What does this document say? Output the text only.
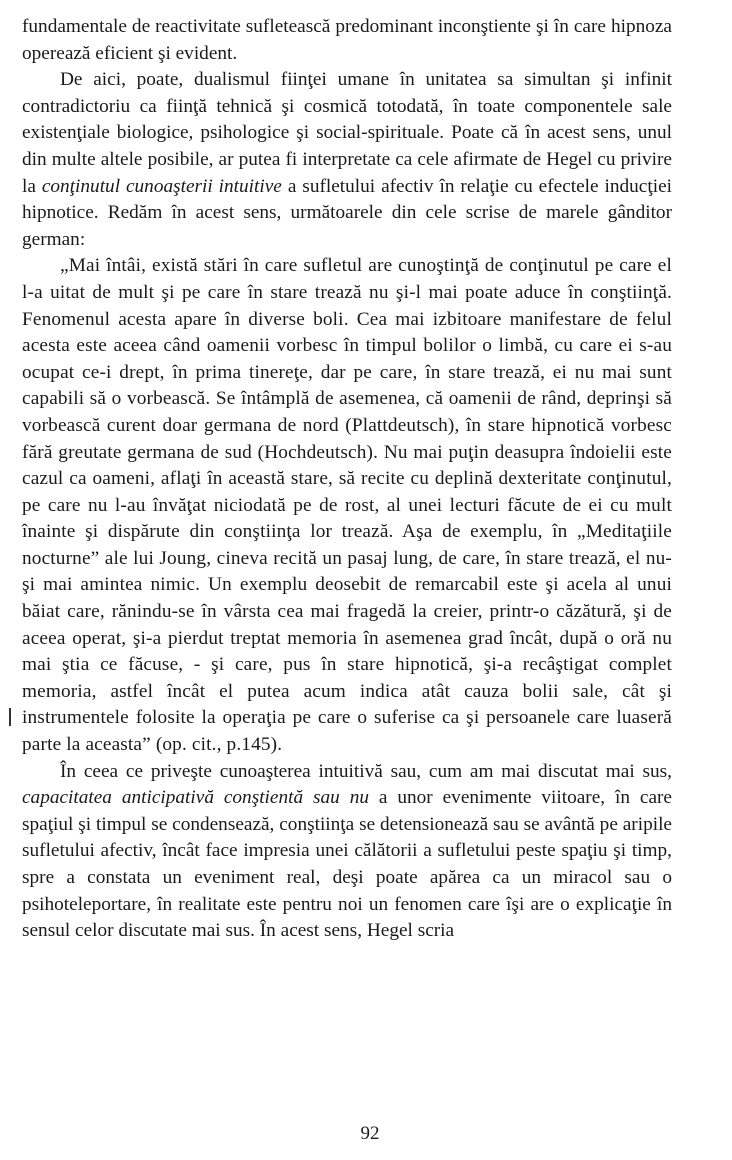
fundamentale de reactivitate sufletească predominant inconştiente şi în care hipnoza operează eficient şi evident.

De aici, poate, dualismul fiinţei umane în unitatea sa simultan şi infinit contradictoriu ca fiinţă tehnică şi cosmică totodată, în toate componentele sale existenţiale biologice, psihologice şi social-spirituale. Poate că în acest sens, unul din multe altele posibile, ar putea fi interpretate ca cele afirmate de Hegel cu privire la conţinutul cunoaşterii intuitive a sufletului afectiv în relaţie cu efectele inducţiei hipnotice. Redăm în acest sens, următoarele din cele scrise de marele gânditor german:

„Mai întâi, există stări în care sufletul are cunoştinţă de conţinutul pe care el l-a uitat de mult şi pe care în stare trează nu şi-l mai poate aduce în conştiinţă. Fenomenul acesta apare în diverse boli. Cea mai izbitoare manifestare de felul acesta este aceea când oamenii vorbesc în timpul bolilor o limbă, cu care ei s-au ocupat ce-i drept, în prima tinereţe, dar pe care, în stare trează, ei nu mai sunt capabili să o vorbească. Se întâmplă de asemenea, că oamenii de rând, deprinşi să vorbească curent doar germana de nord (Plattdeutsch), în stare hipnotică vorbesc fără greutate germana de sud (Hochdeutsch). Nu mai puţin deasupra îndoielii este cazul ca oameni, aflaţi în această stare, să recite cu deplină dexteritate conţinutul, pe care nu l-au învăţat niciodată pe de rost, al unei lecturi făcute de ei cu mult înainte şi dispărute din conştiinţa lor trează. Aşa de exemplu, în „Meditaţiile nocturne” ale lui Joung, cineva recită un pasaj lung, de care, în stare trează, el nu-şi mai amintea nimic. Un exemplu deosebit de remarcabil este şi acela al unui băiat care, rănindu-se în vârsta cea mai fragedă la creier, printr-o căzătură, şi de aceea operat, şi-a pierdut treptat memoria în asemenea grad încât, după o oră nu mai ştia ce făcuse, - şi care, pus în stare hipnotică, şi-a recâştigat complet memoria, astfel încât el putea acum indica atât cauza bolii sale, cât şi instrumentele folosite la operaţia pe care o suferise ca şi persoanele care luaseră parte la aceasta” (op. cit., p.145).

În ceea ce priveşte cunoaşterea intuitivă sau, cum am mai discutat mai sus, capacitatea anticipativă conştientă sau nu a unor evenimente viitoare, în care spaţiul şi timpul se condensează, conştiinţa se detensionează sau se avântă pe aripile sufletului afectiv, încât face impresia unei călătorii a sufletului peste spaţiu şi timp, spre a constata un eveniment real, deşi poate apărea ca un miracol sau o psihoteleportare, în realitate este pentru noi un fenomen care îşi are o explicaţie în sensul celor discutate mai sus. În acest sens, Hegel scria

92
